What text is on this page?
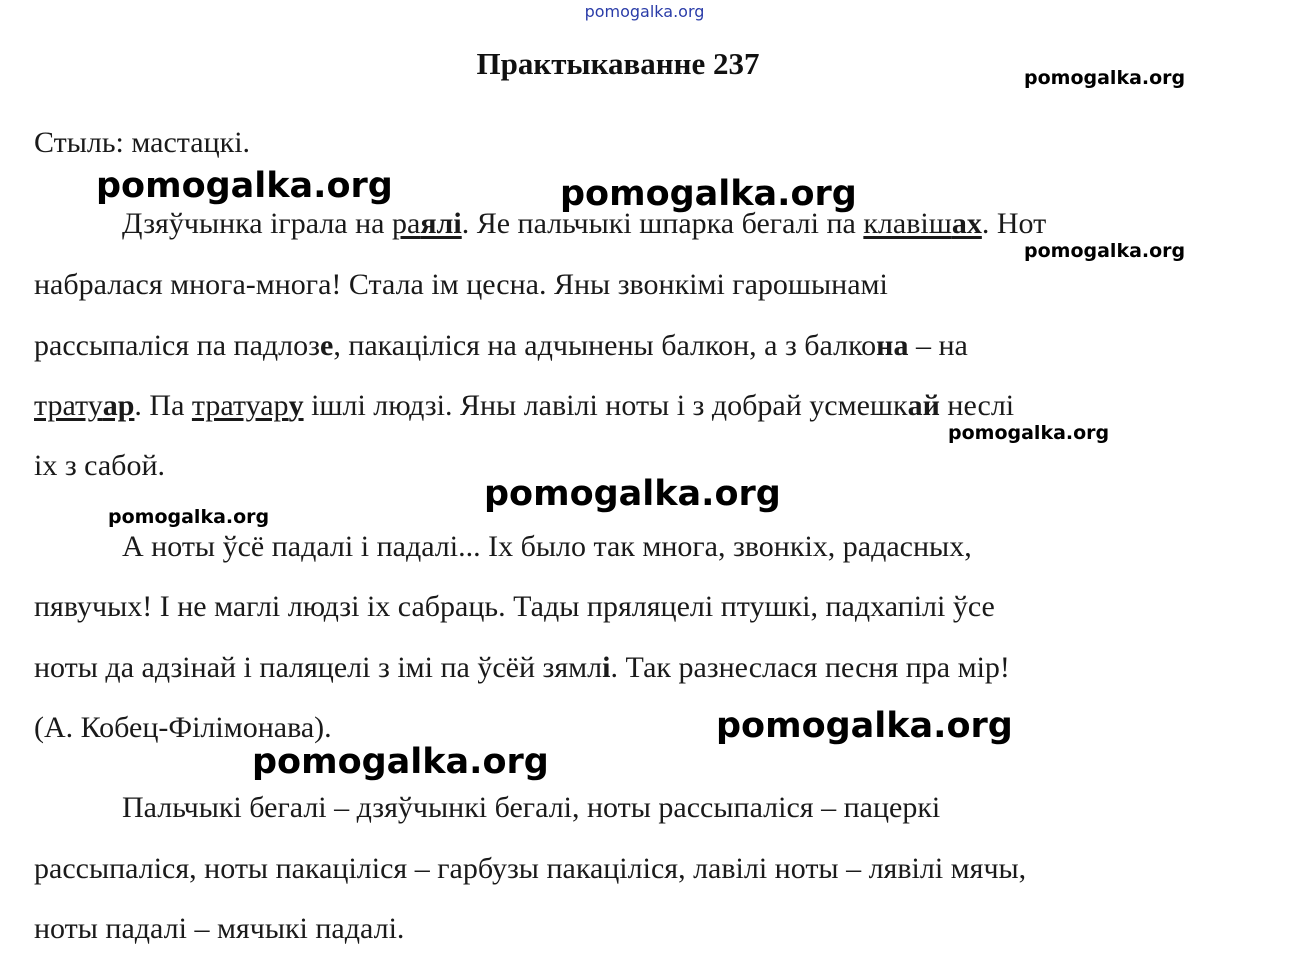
pomogalka.org
Практыкаванне 237
Стыль: мастацкі.
Дзяўчынка іграла на раялі. Яе пальчыкі шпарка бегалі па клавішах. Нот
набралася многа-многа! Стала ім цесна. Яны звонкімі гарошынамі
рассыпаліся па падлозе, пакаціліся на адчынены балкон, а з балкона – на
тратуар. Па тратуару ішлі людзі. Яны лавілі ноты і з добрай усмешкай неслі
іх з сабой.
А ноты ўсё падалі і падалі... Іх было так многа, звонкіх, радасных,
пявучых! І не маглі людзі іх сабраць. Тады пряляцелі птушкі, падхапілі ўсе
ноты да адзінай і паляцелі з імі па ўсёй зямлі. Так разнеслася песня пра мір!
(А. Кобец-Філімонава).
Пальчыкі бегалі – дзяўчынкі бегалі, ноты рассыпаліся – пацеркі
рассыпаліся, ноты пакаціліся – гарбузы пакаціліся, лавілі ноты – лявілі мячы,
ноты падалі – мячыкі падалі.
pomogalka.org
pomogalka.org	pomogalka.org
pomogalka.org
pomogalka.org
pomogalka.org
pomogalka.org
pomogalka.org
pomogalka.org
